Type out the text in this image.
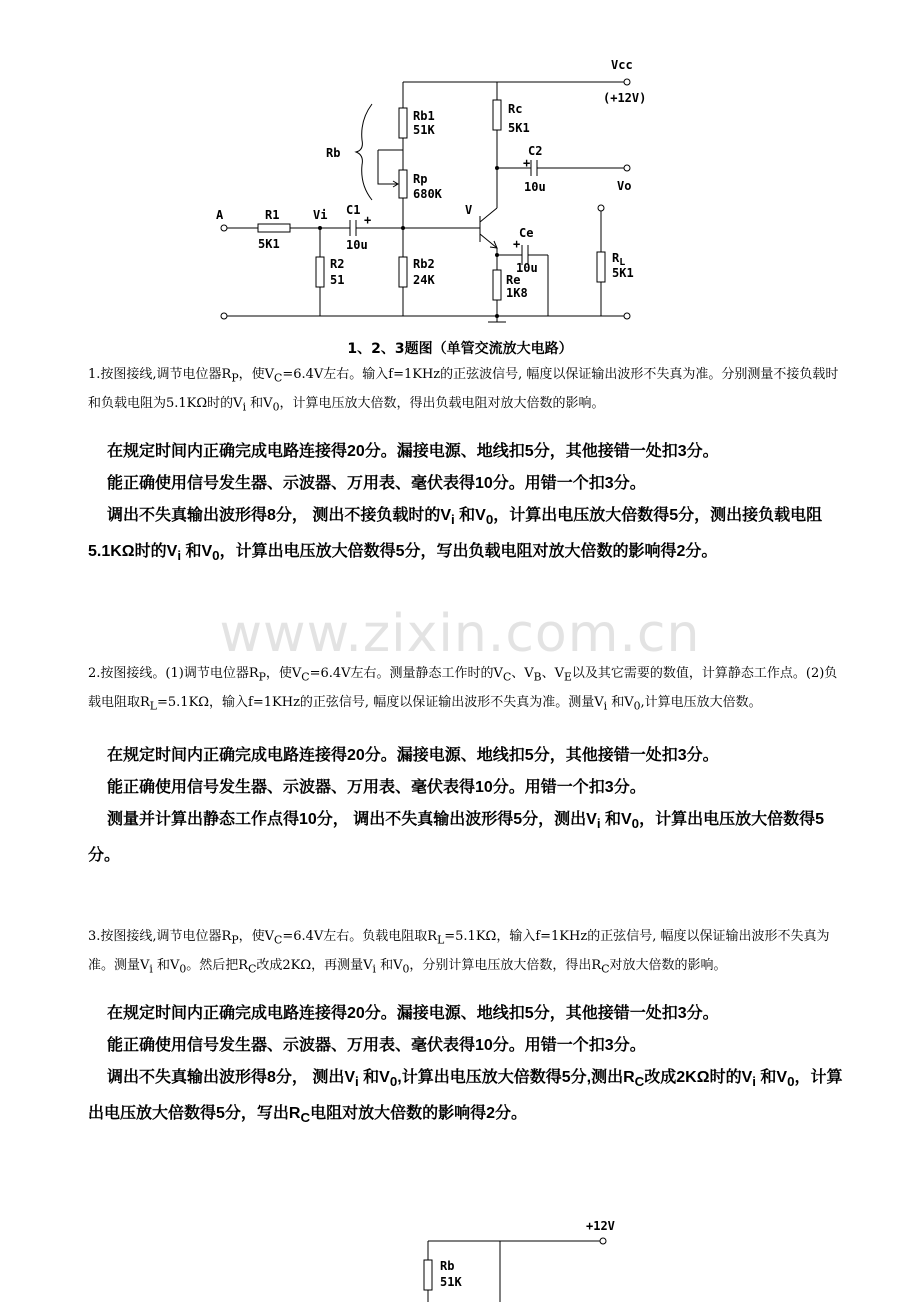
Vcc
(+12V)
Rc
5K1
Rb1
51K
Rb
Rp
680K
C2
+
10u	Vo
V
A	R1
5K1
Vi C1
+
10u
Ce
+
10u
Re
1K8
$R_L$
5K1
R2
51
Rb2
24K
1、2、3题图（单管交流放大电路）
1.按图接线,调节电位器$R_P$，使$V_C=6.4V$左右。输入f=1KHz的正弦波信号, 幅度以保证输出波形不失真为准。分别测量不接负载时和负载电阻为5.1KΩ时的$V_i$ 和$V_0$，计算电压放大倍数，得出负载电阻对放大倍数的影响。
在规定时间内正确完成电路连接得20分。漏接电源、地线扣5分，其他接错一处扣3分。
能正确使用信号发生器、示波器、万用表、毫伏表得10分。用错一个扣3分。
调出不失真输出波形得8分， 测出不接负载时的$V_i$ 和$V_0$，计算出电压放大倍数得5分，测出接负载电阻5.1KΩ时的$V_i$ 和$V_0$，计算出电压放大倍数得5分，写出负载电阻对放大倍数的影响得2分。
www.zixin.com.cn
2.按图接线。(1)调节电位器$R_P$，使$V_C=6.4V$左右。测量静态工作时的$V_C$、$V_B$、$V_E$以及其它需要的数值，计算静态工作点。(2)负载电阻取$R_L=5.1K\Omega$，输入f=1KHz的正弦信号, 幅度以保证输出波形不失真为准。测量$V_i$ 和$V_0$,计算电压放大倍数。
在规定时间内正确完成电路连接得20分。漏接电源、地线扣5分，其他接错一处扣3分。
能正确使用信号发生器、示波器、万用表、毫伏表得10分。用错一个扣3分。
测量并计算出静态工作点得10分， 调出不失真输出波形得5分，测出$V_i$ 和$V_0$，计算出电压放大倍数得5分。
3.按图接线,调节电位器$R_P$，使$V_C=6.4V$左右。负载电阻取$R_L=5.1K\Omega$，输入f=1KHz的正弦信号, 幅度以保证输出波形不失真为准。测量$V_i$ 和$V_0$。然后把$R_C$改成2KΩ，再测量$V_i$ 和$V_0$，分别计算电压放大倍数，得出$R_C$对放大倍数的影响。
在规定时间内正确完成电路连接得20分。漏接电源、地线扣5分，其他接错一处扣3分。
能正确使用信号发生器、示波器、万用表、毫伏表得10分。用错一个扣3分。
调出不失真输出波形得8分， 测出$V_i$ 和$V_0$,计算出电压放大倍数得5分,测出$R_C$改成2KΩ时的$V_i$ 和$V_0$，计算出电压放大倍数得5分，写出$R_C$电阻对放大倍数的影响得2分。
+12V
Rb
51K
